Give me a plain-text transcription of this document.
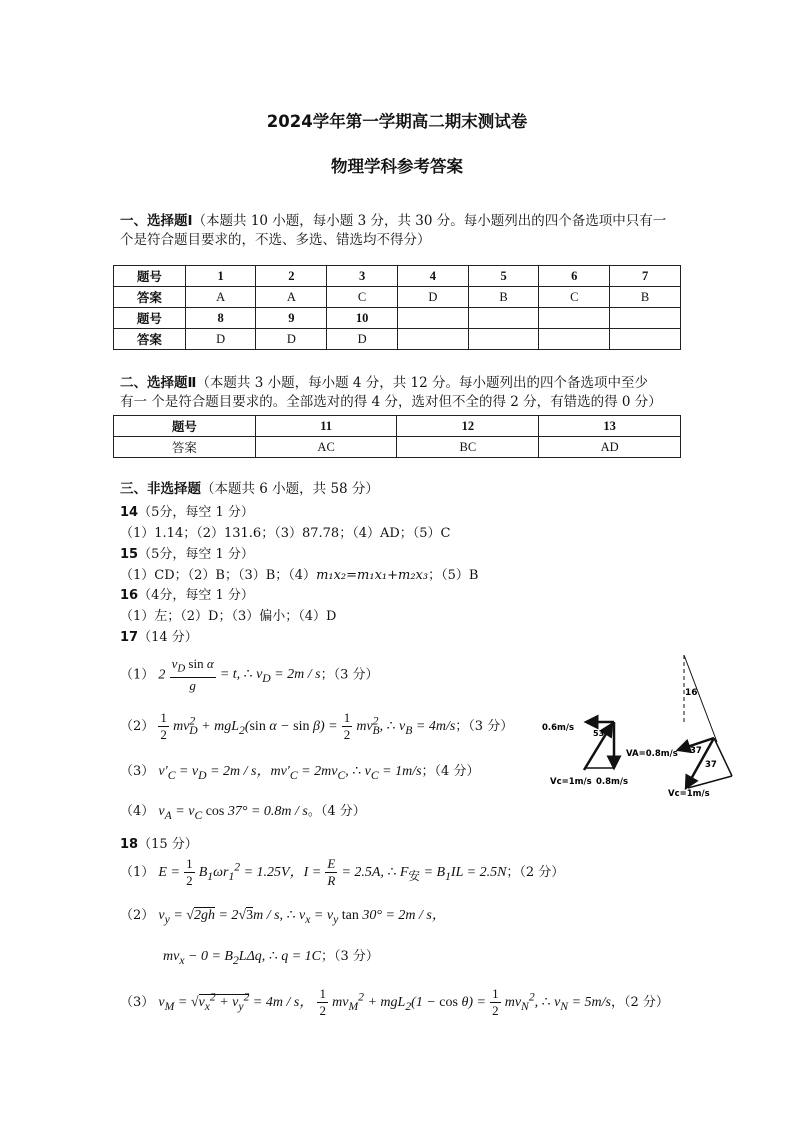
2024学年第一学期高二期末测试卷
物理学科参考答案
一、选择题Ⅰ（本题共 10 小题，每小题 3 分，共 30 分。每小题列出的四个备选项中只有一
个是符合题目要求的，不选、多选、错选均不得分）
题号	1	2	3	4	5	6	7
答案	A	A	C	D	B	C	B
题号	8	9	10				
答案	D	D	D				
二、选择题Ⅱ（本题共 3 小题，每小题 4 分，共 12 分。每小题列出的四个备选项中至少
有一 个是符合题目要求的。全部选对的得 4 分，选对但不全的得 2 分，有错选的得 0 分）
题号	11	12	13
答案	AC	BC	AD
三、非选择题（本题共 6 小题，共 58 分）
14（5分，每空 1 分）
（1）1.14；（2）131.6；（3）87.78；（4）AD；（5）C
15（5分，每空 1 分）
（1）CD；（2）B；（3）B；（4）m₁x₂=m₁x₁+m₂x₃；（5）B
16（4分，每空 1 分）
（1）左；（2）D；（3）偏小；（4）D
17（14 分）
（1） $2 \frac{v_D \sin \alpha}{g} = t$, ∴ $v_D = 2m / s$；（3 分）
$(2) \frac{1}{2} mv^2_D + mgL_2(\sin$ $\alpha - \sin \beta) = \frac{1}{2} mv^2_B$, ∴ $v_B = 4m/s$；（3 分）
（3） $v'_C = v_D = 2m / s$，$mv'_C = 2mv_C$, ∴ $v_C = 1m/s$；（4 分）
（4） $v_A = v_C$ cos 37° = 0.8m / s。（4 分）
18（15 分）
（1） $E = \frac{1}{2} B_1\omega r_1^2 = 1.25V$，$I = \frac{E}{R} = 2.5A$, ∴ $F_安 = B_1IL = 2.5N$；（2 分）
（2） $v_y = √2gh = 2√3m / s$, ∴ $v_x = v_y$ tan 30° = 2m / s，
$mv_x - 0 = B_2L\Delta q$, ∴ q = 1C；（3 分）
（3） $v_M = √v_x^2 + v_y^2 = 4m / s$， $\frac{1}{2} mv_M^2 + mgL_2(1 - \cos \theta) = \frac{1}{2} mv_N^2$, ∴ $v_N = 5m/s$，（2 分）
0.6m/s
53
Vc=1m/s 0.8m/s
16
VA=0.8m/s 37
37
Vc=1m/s
